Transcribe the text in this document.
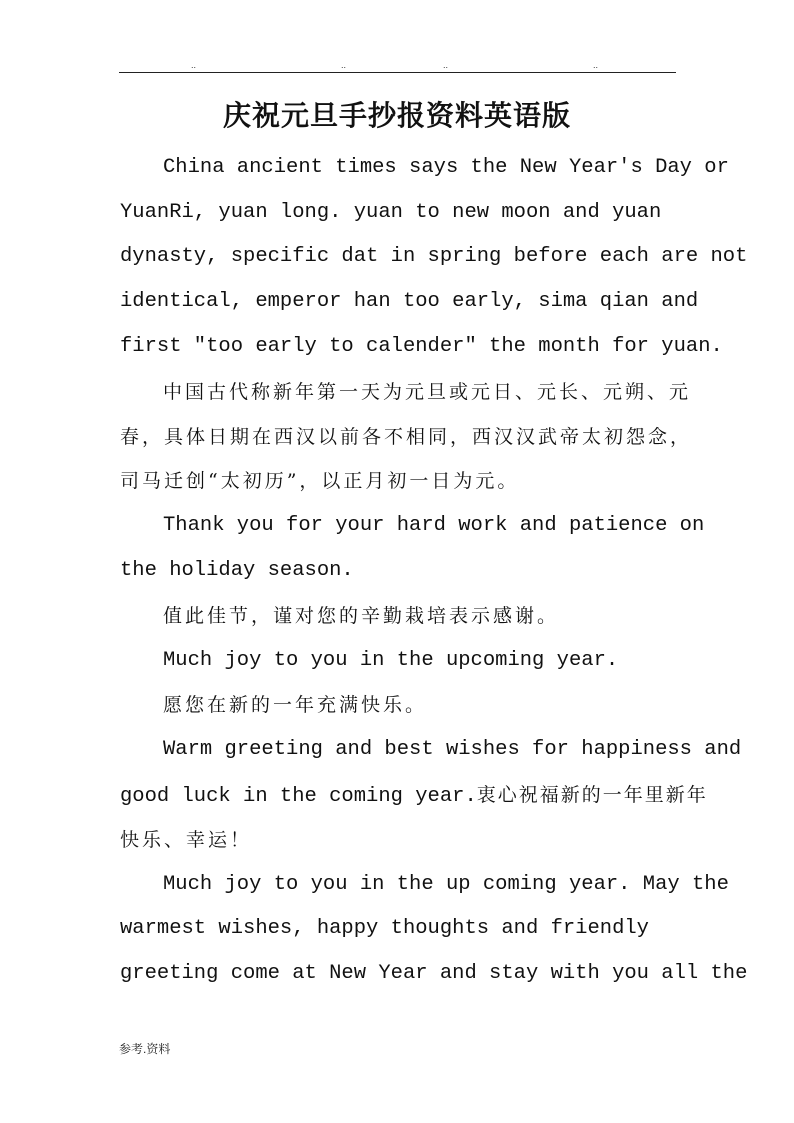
..	..	..	..
庆祝元旦手抄报资料英语版
China ancient times says the New Year's Day or
YuanRi, yuan long. yuan to new moon and yuan
dynasty, specific dat in spring before each are not
identical, emperor han too early, sima qian and
first "too early to calender" the month for yuan.
中国古代称新年第一天为元旦或元日、元长、元朔、元
春，具体日期在西汉以前各不相同，西汉汉武帝太初怨念，
司马迁创“太初历”，以正月初一日为元。
Thank you for your hard work and patience on
the holiday season.
值此佳节，谨对您的辛勤栽培表示感谢。
Much joy to you in the upcoming year.
愿您在新的一年充满快乐。
Warm greeting and best wishes for happiness and
good luck in the coming year.衷心祝福新的一年里新年
快乐、幸运！
Much joy to you in the up coming year. May the
warmest wishes, happy thoughts and friendly
greeting come at New Year and stay with you all the
参考.资料
